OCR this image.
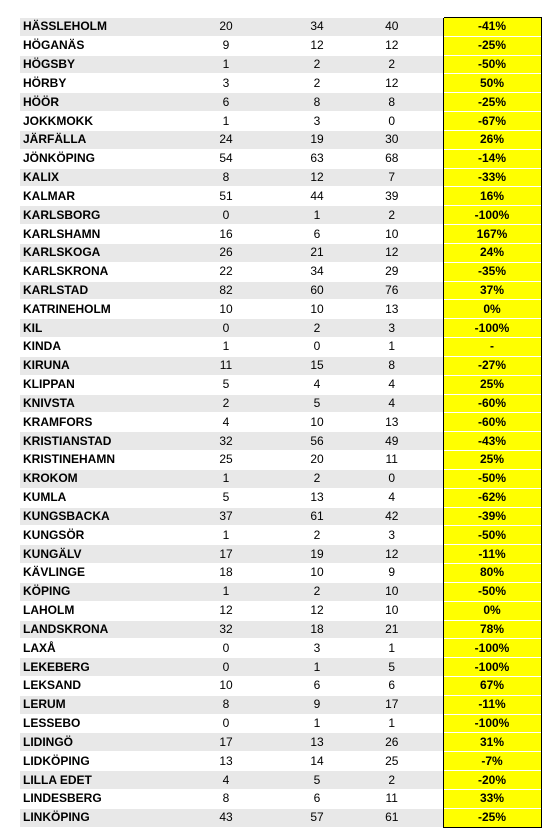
HÄSSLEHOLM	20	34	40	-41%
HÖGANÄS	9	12	12	-25%
HÖGSBY	1	2	2	-50%
HÖRBY	3	2	12	50%
HÖÖR	6	8	8	-25%
JOKKMOKK	1	3	0	-67%
JÄRFÄLLA	24	19	30	26%
JÖNKÖPING	54	63	68	-14%
KALIX	8	12	7	-33%
KALMAR	51	44	39	16%
KARLSBORG	0	1	2	-100%
KARLSHAMN	16	6	10	167%
KARLSKOGA	26	21	12	24%
KARLSKRONA	22	34	29	-35%
KARLSTAD	82	60	76	37%
KATRINEHOLM	10	10	13	0%
KIL	0	2	3	-100%
KINDA	1	0	1	-
KIRUNA	11	15	8	-27%
KLIPPAN	5	4	4	25%
KNIVSTA	2	5	4	-60%
KRAMFORS	4	10	13	-60%
KRISTIANSTAD	32	56	49	-43%
KRISTINEHAMN	25	20	11	25%
KROKOM	1	2	0	-50%
KUMLA	5	13	4	-62%
KUNGSBACKA	37	61	42	-39%
KUNGSÖR	1	2	3	-50%
KUNGÄLV	17	19	12	-11%
KÄVLINGE	18	10	9	80%
KÖPING	1	2	10	-50%
LAHOLM	12	12	10	0%
LANDSKRONA	32	18	21	78%
LAXÅ	0	3	1	-100%
LEKEBERG	0	1	5	-100%
LEKSAND	10	6	6	67%
LERUM	8	9	17	-11%
LESSEBO	0	1	1	-100%
LIDINGÖ	17	13	26	31%
LIDKÖPING	13	14	25	-7%
LILLA EDET	4	5	2	-20%
LINDESBERG	8	6	11	33%
LINKÖPING	43	57	61	-25%
